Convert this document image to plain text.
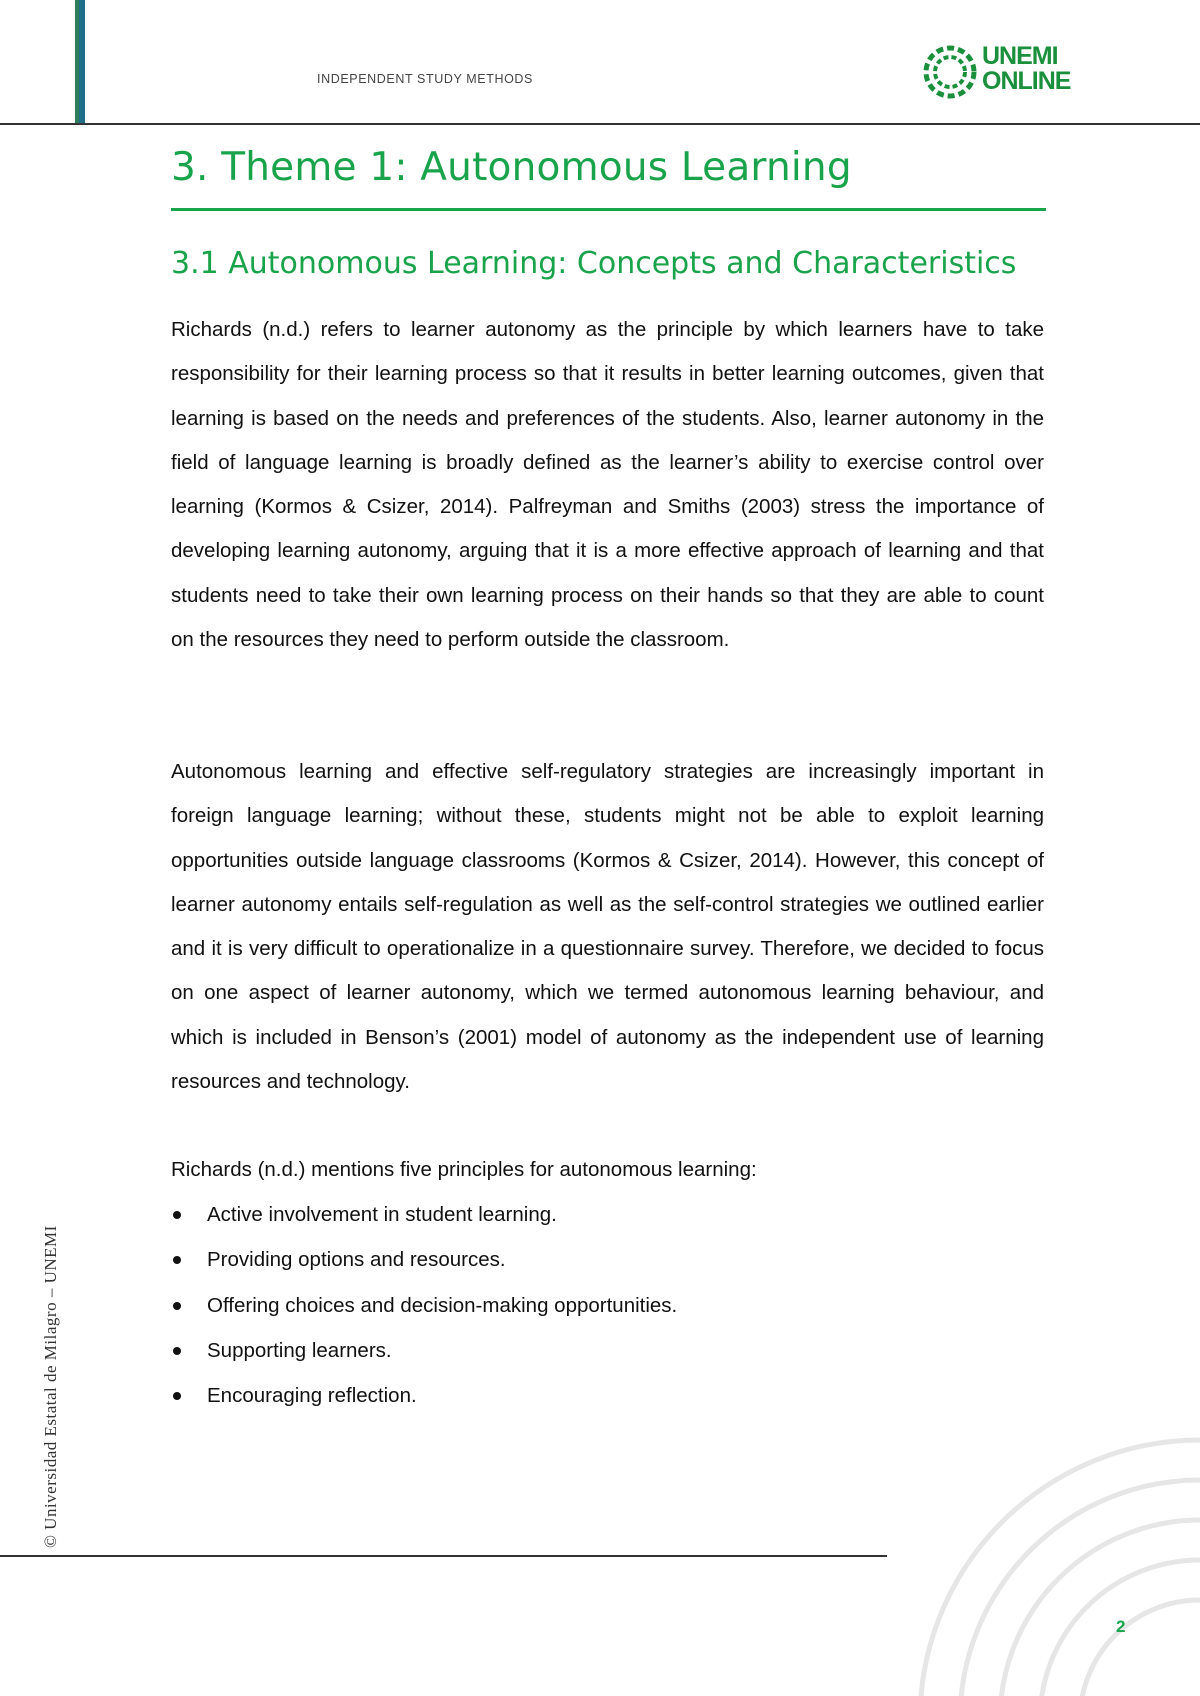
INDEPENDENT STUDY METHODS
UNEMI
ONLINE
3. Theme 1: Autonomous Learning
3.1 Autonomous Learning: Concepts and Characteristics
Richards (n.d.) refers to learner autonomy as the principle by which learners have to take responsibility for their learning process so that it results in better learning outcomes, given that learning is based on the needs and preferences of the students. Also, learner autonomy in the field of language learning is broadly defined as the learner’s ability to exercise control over learning (Kormos & Csizer, 2014). Palfreyman and Smiths (2003) stress the importance of developing learning autonomy, arguing that it is a more effective approach of learning and that students need to take their own learning process on their hands so that they are able to count on the resources they need to perform outside the classroom.
Autonomous learning and effective self-regulatory strategies are increasingly important in foreign language learning; without these, students might not be able to exploit learning opportunities outside language classrooms (Kormos & Csizer, 2014). However, this concept of learner autonomy entails self-regulation as well as the self-control strategies we outlined earlier and it is very difficult to operationalize in a questionnaire survey. Therefore, we decided to focus on one aspect of learner autonomy, which we termed autonomous learning behaviour, and which is included in Benson’s (2001) model of autonomy as the independent use of learning resources and technology.
Richards (n.d.) mentions five principles for autonomous learning:
Active involvement in student learning.
Providing options and resources.
Offering choices and decision-making opportunities.
Supporting learners.
Encouraging reflection.
© Universidad Estatal de Milagro – UNEMI
2
